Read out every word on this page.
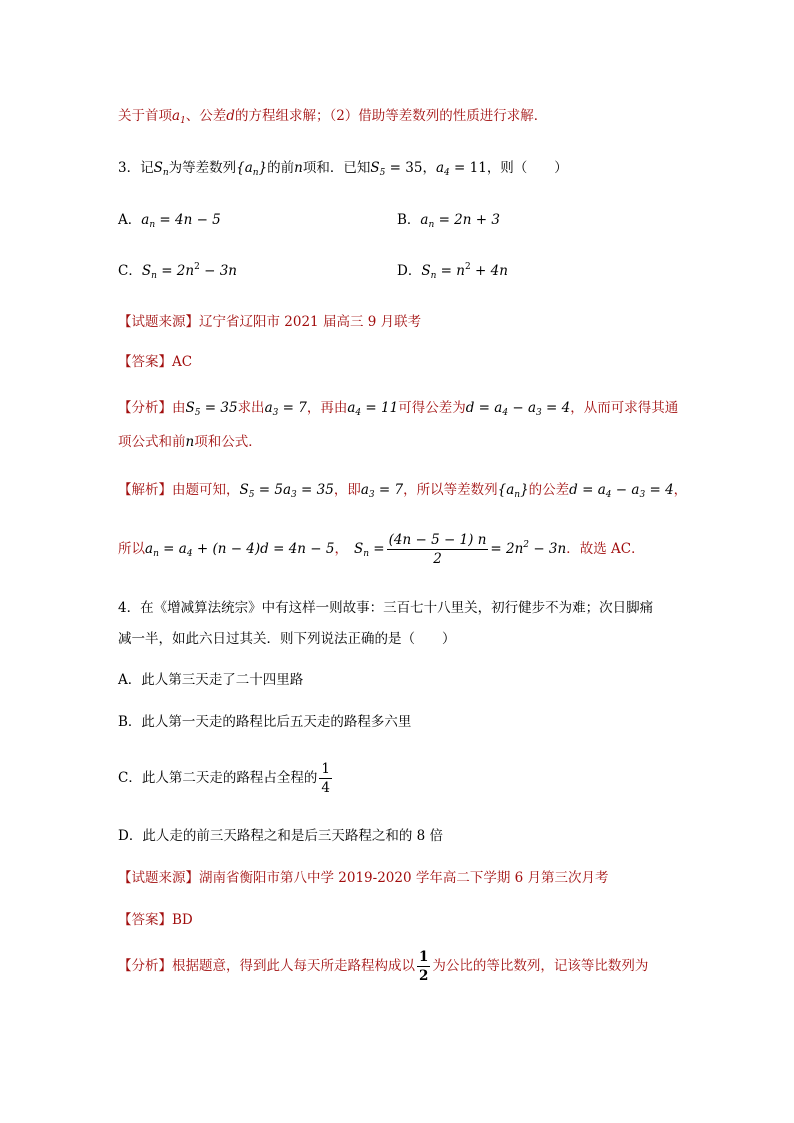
关于首项$a_1$、公差d的方程组求解；（2）借助等差数列的性质进行求解．
3．记$S_n$为等差数列$\{a_n\}$的前n项和．已知$S_5 = 35$，$a_4 = 11$，则（　　）
A．$a_n = 4n - 5$	B．$a_n = 2n + 3$
C．$S_n = 2n^2 - 3n$	D．$S_n = n^2 + 4n$
【试题来源】辽宁省辽阳市 2021 届高三 9 月联考
【答案】AC
【分析】由$S_5 = 35$求出$a_3 = 7$，再由$a_4 = 11$可得公差为$d = a_4 - a_3 = 4$，从而可求得其通
项公式和前n项和公式．
【解析】由题可知，$S_5 = 5a_3 = 35$，即$a_3 = 7$，所以等差数列$\{a_n\}$的公差$d = a_4 - a_3 = 4$，
所以$a_n = a_4 + (n - 4)d = 4n - 5$， $S_n = \frac{(4n - 5 - 1) n}{2} = 2n^2 - 3n$．故选 AC．
4．在《增减算法统宗》中有这样一则故事：三百七十八里关，初行健步不为难；次日脚痛
减一半，如此六日过其关．则下列说法正确的是（　　）
A．此人第三天走了二十四里路
B．此人第一天走的路程比后五天走的路程多六里
C．此人第二天走的路程占全程的 $\frac{1}{4}$
D．此人走的前三天路程之和是后三天路程之和的 8 倍
【试题来源】湖南省衡阳市第八中学 2019-2020 学年高二下学期 6 月第三次月考
【答案】BD
【分析】根据题意，得到此人每天所走路程构成以 $\frac{1}{2}$ 为公比的等比数列，记该等比数列为
